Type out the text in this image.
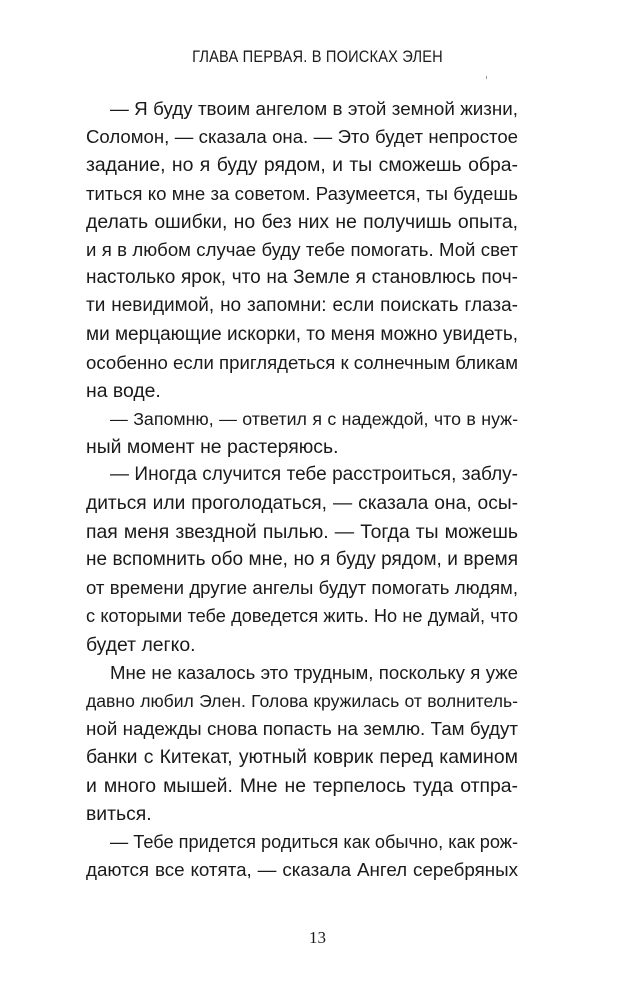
ГЛАВА ПЕРВАЯ. В ПОИСКАХ ЭЛЕН
— Я буду твоим ангелом в этой земной жизни,
Соломон, — сказала она. — Это будет непростое
задание, но я буду рядом, и ты сможешь обра-
титься ко мне за советом. Разумеется, ты будешь
делать ошибки, но без них не получишь опыта,
и я в любом случае буду тебе помогать. Мой свет
настолько ярок, что на Земле я становлюсь поч-
ти невидимой, но запомни: если поискать глаза-
ми мерцающие искорки, то меня можно увидеть,
особенно если приглядеться к солнечным бликам
на воде.
— Запомню, — ответил я с надеждой, что в нуж-
ный момент не растеряюсь.
— Иногда случится тебе расстроиться, заблу-
диться или проголодаться, — сказала она, осы-
пая меня звездной пылью. — Тогда ты можешь
не вспомнить обо мне, но я буду рядом, и время
от времени другие ангелы будут помогать людям,
с которыми тебе доведется жить. Но не думай, что
будет легко.
Мне не казалось это трудным, поскольку я уже
давно любил Элен. Голова кружилась от волнитель-
ной надежды снова попасть на землю. Там будут
банки с Китекат, уютный коврик перед камином
и много мышей. Мне не терпелось туда отпра-
виться.
— Тебе придется родиться как обычно, как рож-
даются все котята, — сказала Ангел серебряных
13
